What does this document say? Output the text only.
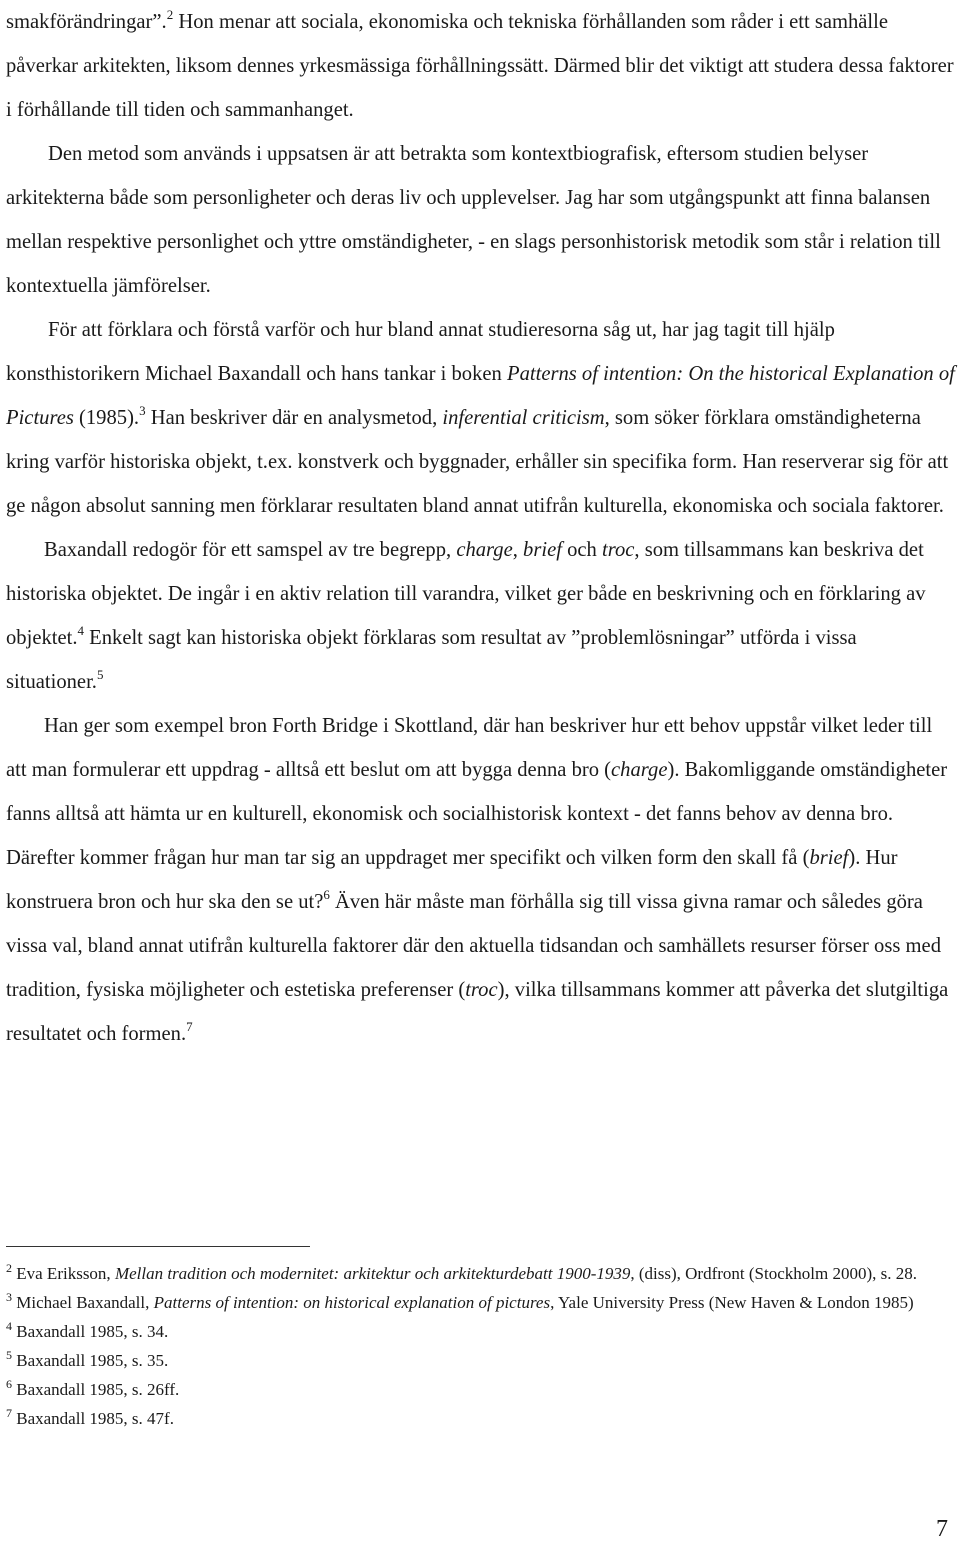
smakförändringar”.$^2$ Hon menar att sociala, ekonomiska och tekniska förhållanden som råder i ett samhälle påverkar arkitekten, liksom dennes yrkesmässiga förhållningssätt. Därmed blir det viktigt att studera dessa faktorer i förhållande till tiden och sammanhanget.

Den metod som används i uppsatsen är att betrakta som kontextbiografisk, eftersom studien belyser arkitekterna både som personligheter och deras liv och upplevelser. Jag har som utgångspunkt att finna balansen mellan respektive personlighet och yttre omständigheter, - en slags personhistorisk metodik som står i relation till kontextuella jämförelser.

För att förklara och förstå varför och hur bland annat studieresorna såg ut, har jag tagit till hjälp konsthistorikern Michael Baxandall och hans tankar i boken Patterns of intention: On the historical Explanation of Pictures (1985).$^3$ Han beskriver där en analysmetod, inferential criticism, som söker förklara omständigheterna kring varför historiska objekt, t.ex. konstverk och byggnader, erhåller sin specifika form. Han reserverar sig för att ge någon absolut sanning men förklarar resultaten bland annat utifrån kulturella, ekonomiska och sociala faktorer.

Baxandall redogör för ett samspel av tre begrepp, charge, brief och troc, som tillsammans kan beskriva det historiska objektet. De ingår i en aktiv relation till varandra, vilket ger både en beskrivning och en förklaring av objektet.$^4$ Enkelt sagt kan historiska objekt förklaras som resultat av ”problemlösningar” utförda i vissa situationer.$^5$

Han ger som exempel bron Forth Bridge i Skottland, där han beskriver hur ett behov uppstår vilket leder till att man formulerar ett uppdrag - alltså ett beslut om att bygga denna bro (charge). Bakomliggande omständigheter fanns alltså att hämta ur en kulturell, ekonomisk och socialhistorisk kontext - det fanns behov av denna bro. Därefter kommer frågan hur man tar sig an uppdraget mer specifikt och vilken form den skall få (brief). Hur konstruera bron och hur ska den se ut?$^6$ Även här måste man förhålla sig till vissa givna ramar och således göra vissa val, bland annat utifrån kulturella faktorer där den aktuella tidsandan och samhällets resurser förser oss med tradition, fysiska möjligheter och estetiska preferenser (troc), vilka tillsammans kommer att påverka det slutgiltiga resultatet och formen.$^7$

$^2$ Eva Eriksson, Mellan tradition och modernitet: arkitektur och arkitekturdebatt 1900-1939, (diss), Ordfront (Stockholm 2000), s. 28.

$^3$ Michael Baxandall, Patterns of intention: on historical explanation of pictures, Yale University Press (New Haven & London 1985)

$^4$ Baxandall 1985, s. 34.

$^5$ Baxandall 1985, s. 35.

$^6$ Baxandall 1985, s. 26ff.

$^7$ Baxandall 1985, s. 47f.

7
